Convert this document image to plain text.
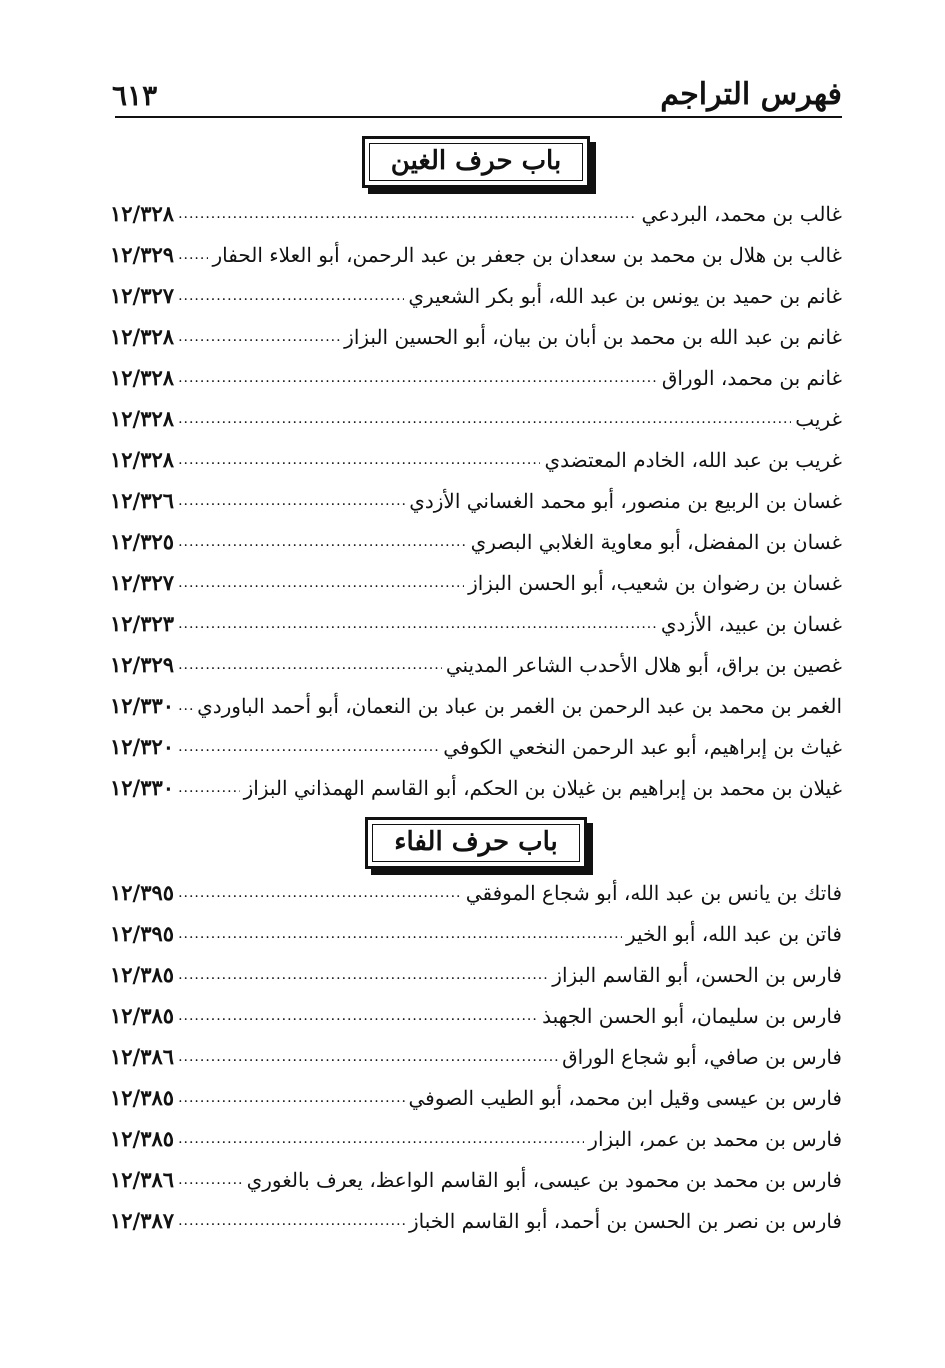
فهرس التراجم
٦١٣
باب حرف الغين
غالب بن محمد، البردعي
.....
١٢/٣٢٨
غالب بن هلال بن محمد بن سعدان بن جعفر بن عبد الرحمن، أبو العلاء الحفار
.....
١٢/٣٢٩
غانم بن حميد بن يونس بن عبد الله، أبو بكر الشعيري
.....
١٢/٣٢٧
غانم بن عبد الله بن محمد بن أبان بن بيان، أبو الحسين البزاز
.....
١٢/٣٢٨
غانم بن محمد، الوراق
.....
١٢/٣٢٨
غريب
.....
١٢/٣٢٨
غريب بن عبد الله، الخادم المعتضدي
.....
١٢/٣٢٨
غسان بن الربيع بن منصور، أبو محمد الغساني الأزدي
.....
١٢/٣٢٦
غسان بن المفضل، أبو معاوية الغلابي البصري
.....
١٢/٣٢٥
غسان بن رضوان بن شعيب، أبو الحسن البزاز
.....
١٢/٣٢٧
غسان بن عبيد، الأزدي
.....
١٢/٣٢٣
غصين بن براق، أبو هلال الأحدب الشاعر المديني
.....
١٢/٣٢٩
الغمر بن محمد بن عبد الرحمن بن الغمر بن عباد بن النعمان، أبو أحمد الباوردي
.....
١٢/٣٣٠
غياث بن إبراهيم، أبو عبد الرحمن النخعي الكوفي
.....
١٢/٣٢٠
غيلان بن محمد بن إبراهيم بن غيلان بن الحكم، أبو القاسم الهمذاني البزاز
.....
١٢/٣٣٠
باب حرف الفاء
فاتك بن يانس بن عبد الله، أبو شجاع الموفقي
.....
١٢/٣٩٥
فاتن بن عبد الله، أبو الخير
.....
١٢/٣٩٥
فارس بن الحسن، أبو القاسم البزاز
.....
١٢/٣٨٥
فارس بن سليمان، أبو الحسن الجهبذ
.....
١٢/٣٨٥
فارس بن صافي، أبو شجاع الوراق
.....
١٢/٣٨٦
فارس بن عيسى وقيل ابن محمد، أبو الطيب الصوفي
.....
١٢/٣٨٥
فارس بن محمد بن عمر، البزار
.....
١٢/٣٨٥
فارس بن محمد بن محمود بن عيسى، أبو القاسم الواعظ، يعرف بالغوري
.....
١٢/٣٨٦
فارس بن نصر بن الحسن بن أحمد، أبو القاسم الخباز
.....
١٢/٣٨٧
